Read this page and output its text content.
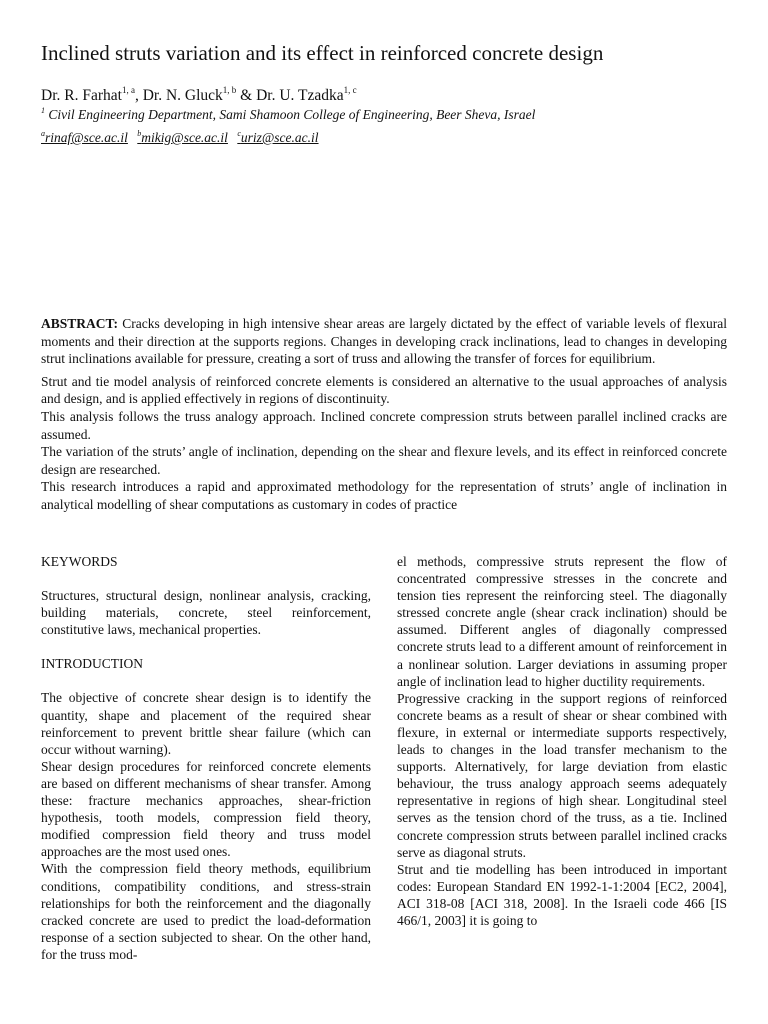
Inclined struts variation and its effect in reinforced concrete design
Dr. R. Farhat$^{1, a}$, Dr. N. Gluck$^{1, b}$ & Dr. U. Tzadka$^{1, c}$
$^1$ Civil Engineering Department, Sami Shamoon College of Engineering, Beer Sheva, Israel
$^a$rinaf@sce.ac.il $^b$mikig@sce.ac.il $^c$uriz@sce.ac.il

ABSTRACT: Cracks developing in high intensive shear areas are largely dictated by the effect of variable levels of flexural moments and their direction at the supports regions. Changes in developing crack inclinations, lead to changes in developing strut inclinations available for pressure, creating a sort of truss and allowing the transfer of forces for equilibrium.

Strut and tie model analysis of reinforced concrete elements is considered an alternative to the usual approaches of analysis and design, and is applied effectively in regions of discontinuity.

This analysis follows the truss analogy approach. Inclined concrete compression struts between parallel inclined cracks are assumed.

The variation of the struts’ angle of inclination, depending on the shear and flexure levels, and its effect in reinforced concrete design are researched.

This research introduces a rapid and approximated methodology for the representation of struts’ angle of inclination in analytical modelling of shear computations as customary in codes of practice

KEYWORDS

Structures, structural design, nonlinear analysis, cracking, building materials, concrete, steel reinforcement, constitutive laws, mechanical properties.

INTRODUCTION

The objective of concrete shear design is to identify the quantity, shape and placement of the required shear reinforcement to prevent brittle shear failure (which can occur without warning).

Shear design procedures for reinforced concrete elements are based on different mechanisms of shear transfer. Among these: fracture mechanics approaches, shear-friction hypothesis, tooth models, compression field theory, modified compression field theory and truss model approaches are the most used ones.

With the compression field theory methods, equilibrium conditions, compatibility conditions, and stress-strain relationships for both the reinforcement and the diagonally cracked concrete are used to predict the load-deformation response of a section subjected to shear. On the other hand, for the truss mod-

el methods, compressive struts represent the flow of concentrated compressive stresses in the concrete and tension ties represent the reinforcing steel. The diagonally stressed concrete angle (shear crack inclination) should be assumed. Different angles of diagonally compressed concrete struts lead to a different amount of reinforcement in a nonlinear solution. Larger deviations in assuming proper angle of inclination lead to higher ductility requirements.

Progressive cracking in the support regions of reinforced concrete beams as a result of shear or shear combined with flexure, in external or intermediate supports respectively, leads to changes in the load transfer mechanism to the supports. Alternatively, for large deviation from elastic behaviour, the truss analogy approach seems adequately representative in regions of high shear. Longitudinal steel serves as the tension chord of the truss, as a tie. Inclined concrete compression struts between parallel inclined cracks serve as diagonal struts.

Strut and tie modelling has been introduced in important codes: European Standard EN 1992-1-1:2004 [EC2, 2004], ACI 318-08 [ACI 318, 2008]. In the Israeli code 466 [IS 466/1, 2003] it is going to
